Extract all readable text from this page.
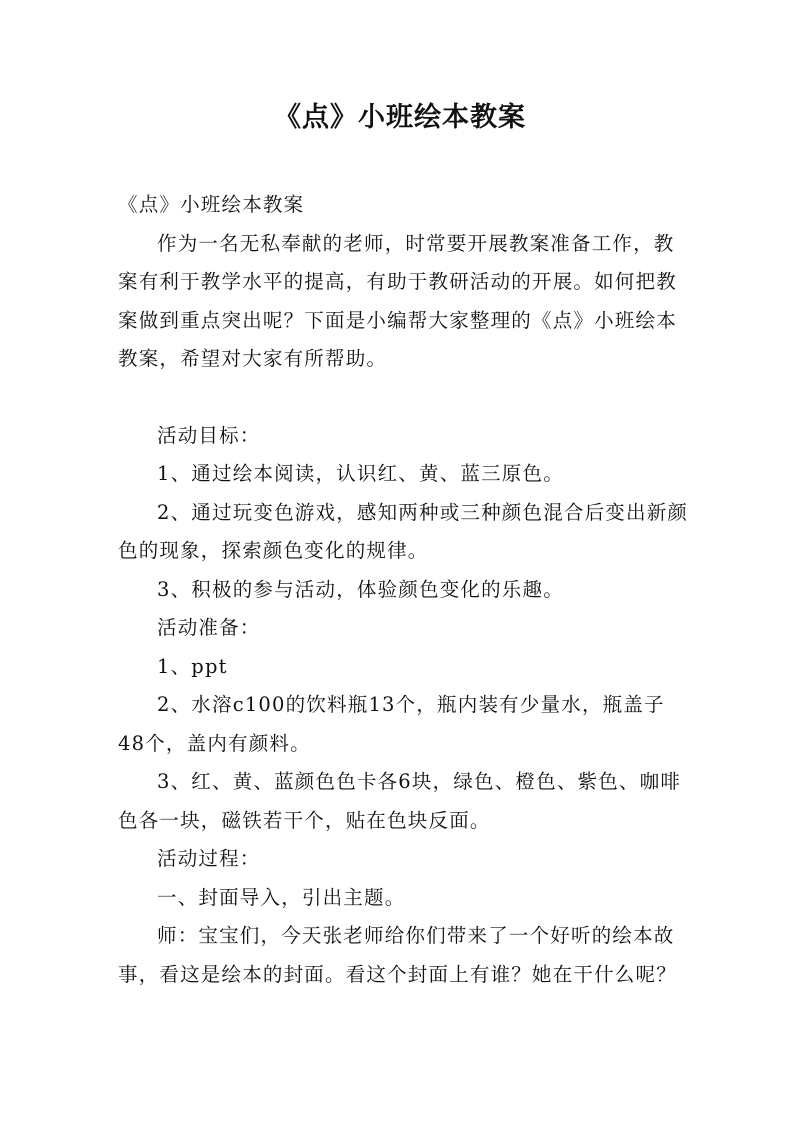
《点》小班绘本教案

《点》小班绘本教案

作为一名无私奉献的老师，时常要开展教案准备工作，教案有利于教学水平的提高，有助于教研活动的开展。如何把教案做到重点突出呢？下面是小编帮大家整理的《点》小班绘本教案，希望对大家有所帮助。

活动目标：

1、通过绘本阅读，认识红、黄、蓝三原色。

2、通过玩变色游戏，感知两种或三种颜色混合后变出新颜色的现象，探索颜色变化的规律。

3、积极的参与活动，体验颜色变化的乐趣。

活动准备：

1、ppt

2、水溶c100的饮料瓶13个，瓶内装有少量水，瓶盖子48个，盖内有颜料。

3、红、黄、蓝颜色色卡各6块，绿色、橙色、紫色、咖啡色各一块，磁铁若干个，贴在色块反面。

活动过程：

一、封面导入，引出主题。

师：宝宝们，今天张老师给你们带来了一个好听的绘本故事，看这是绘本的封面。看这个封面上有谁？她在干什么呢？
